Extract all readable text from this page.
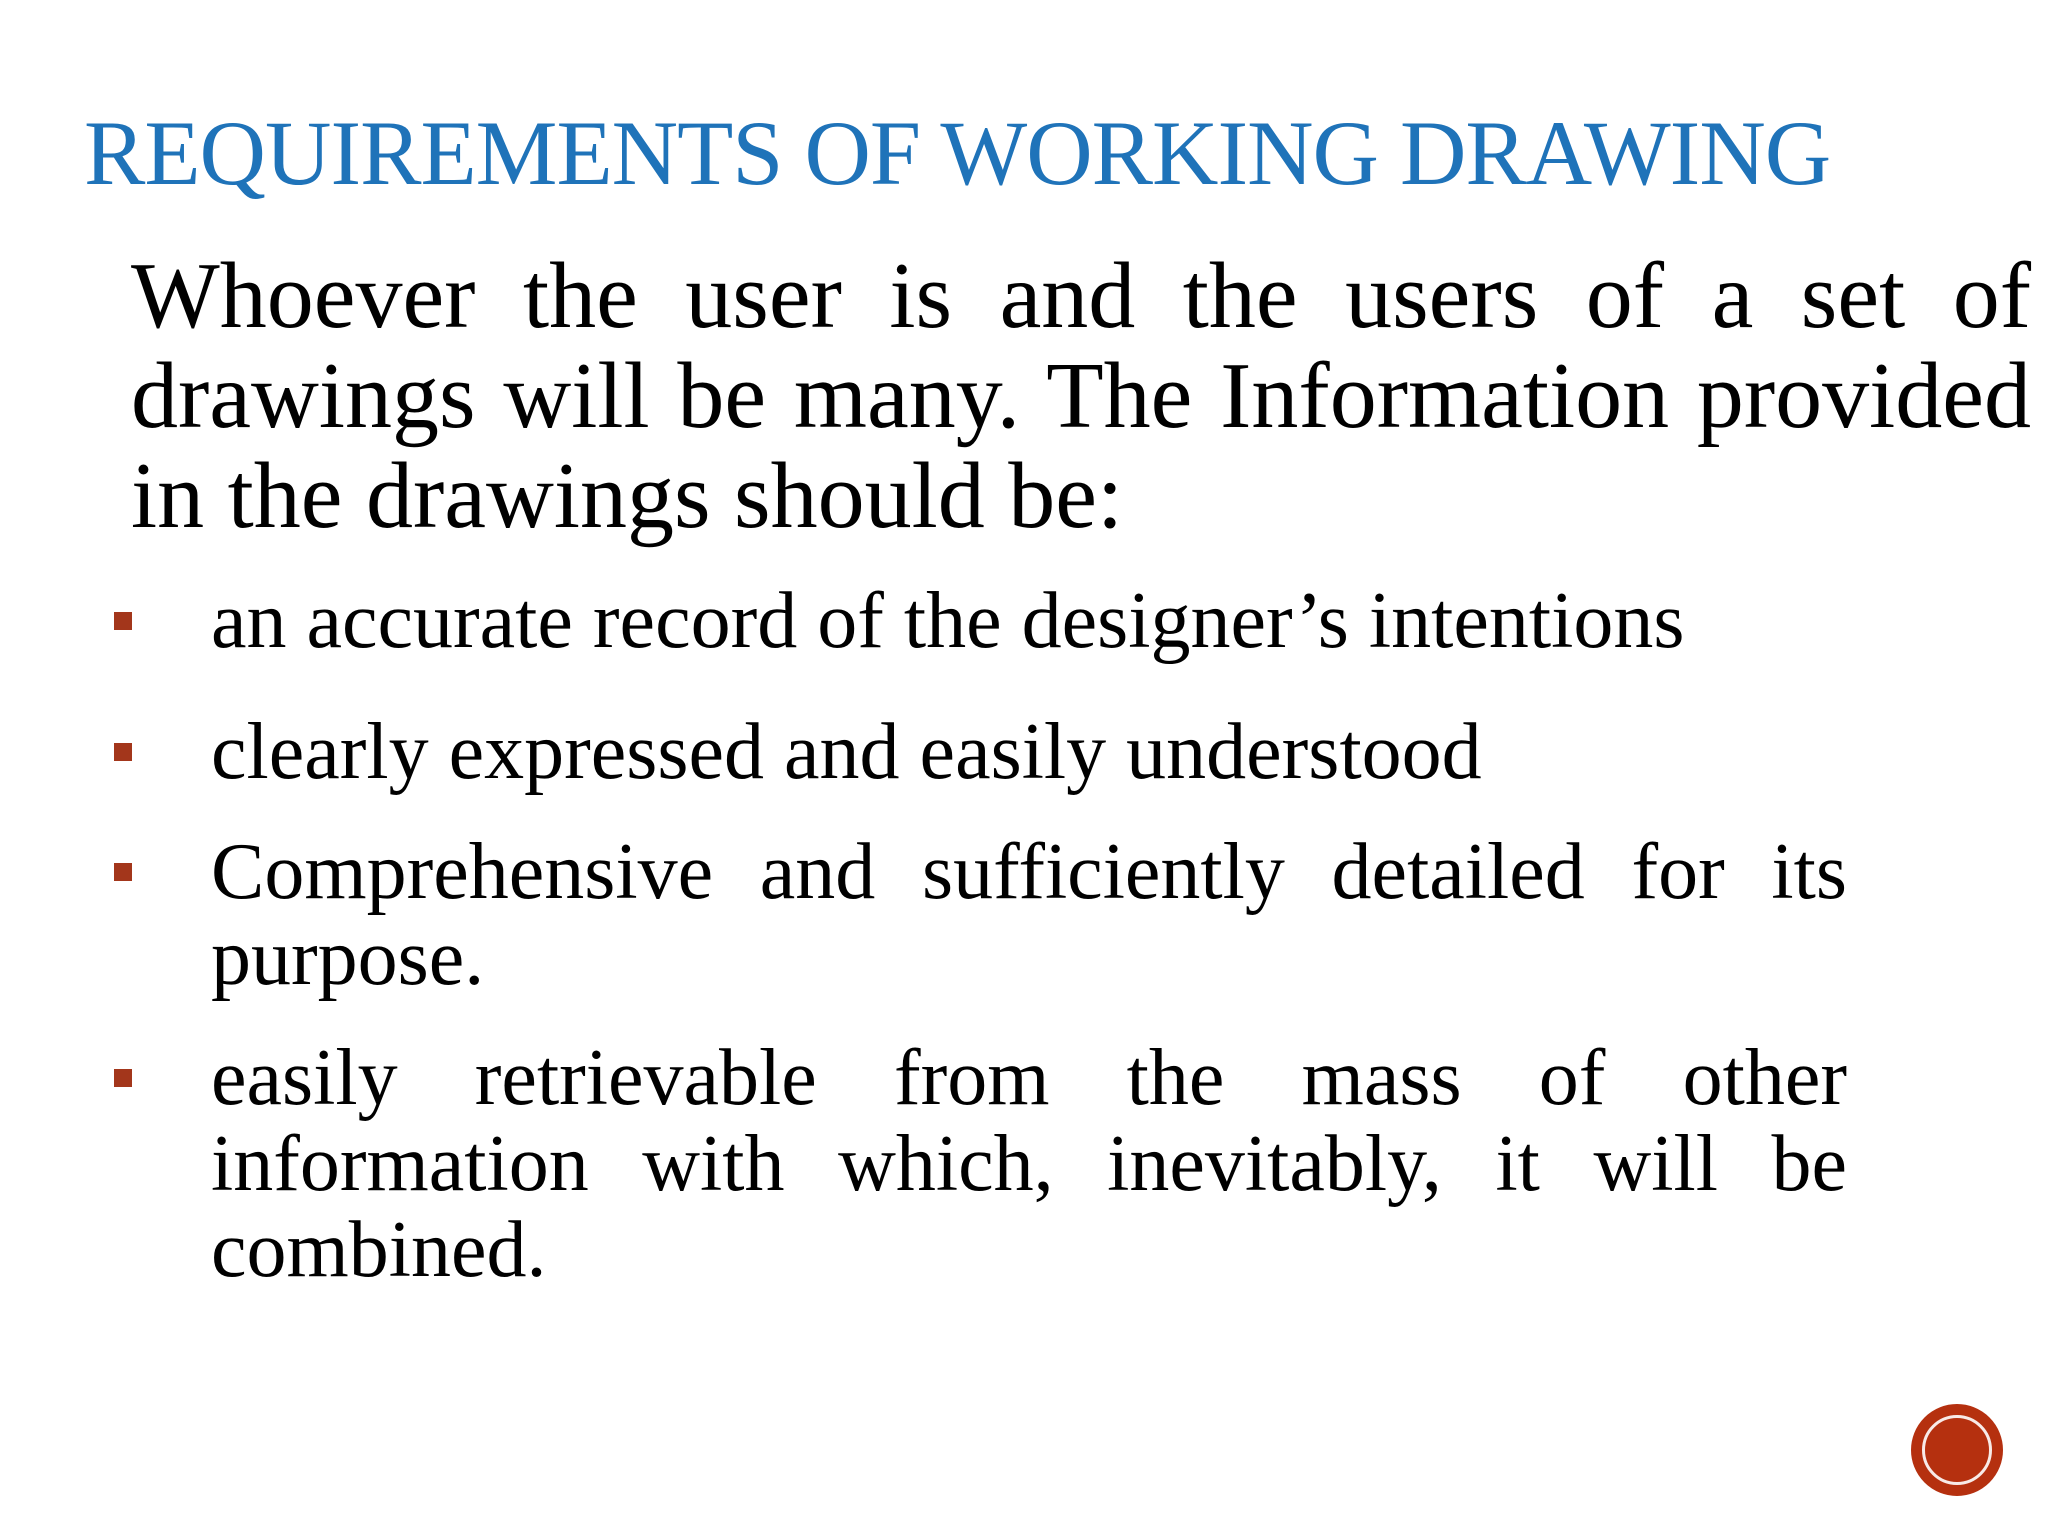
REQUIREMENTS OF WORKING DRAWING
Whoever the user is and the users of a set of drawings will be many. The Information provided in the drawings should be:
an accurate record of the designer’s intentions
clearly expressed and easily understood
Comprehensive and sufficiently detailed for its purpose.
easily retrievable from the mass of other information with which, inevitably, it will be combined.
